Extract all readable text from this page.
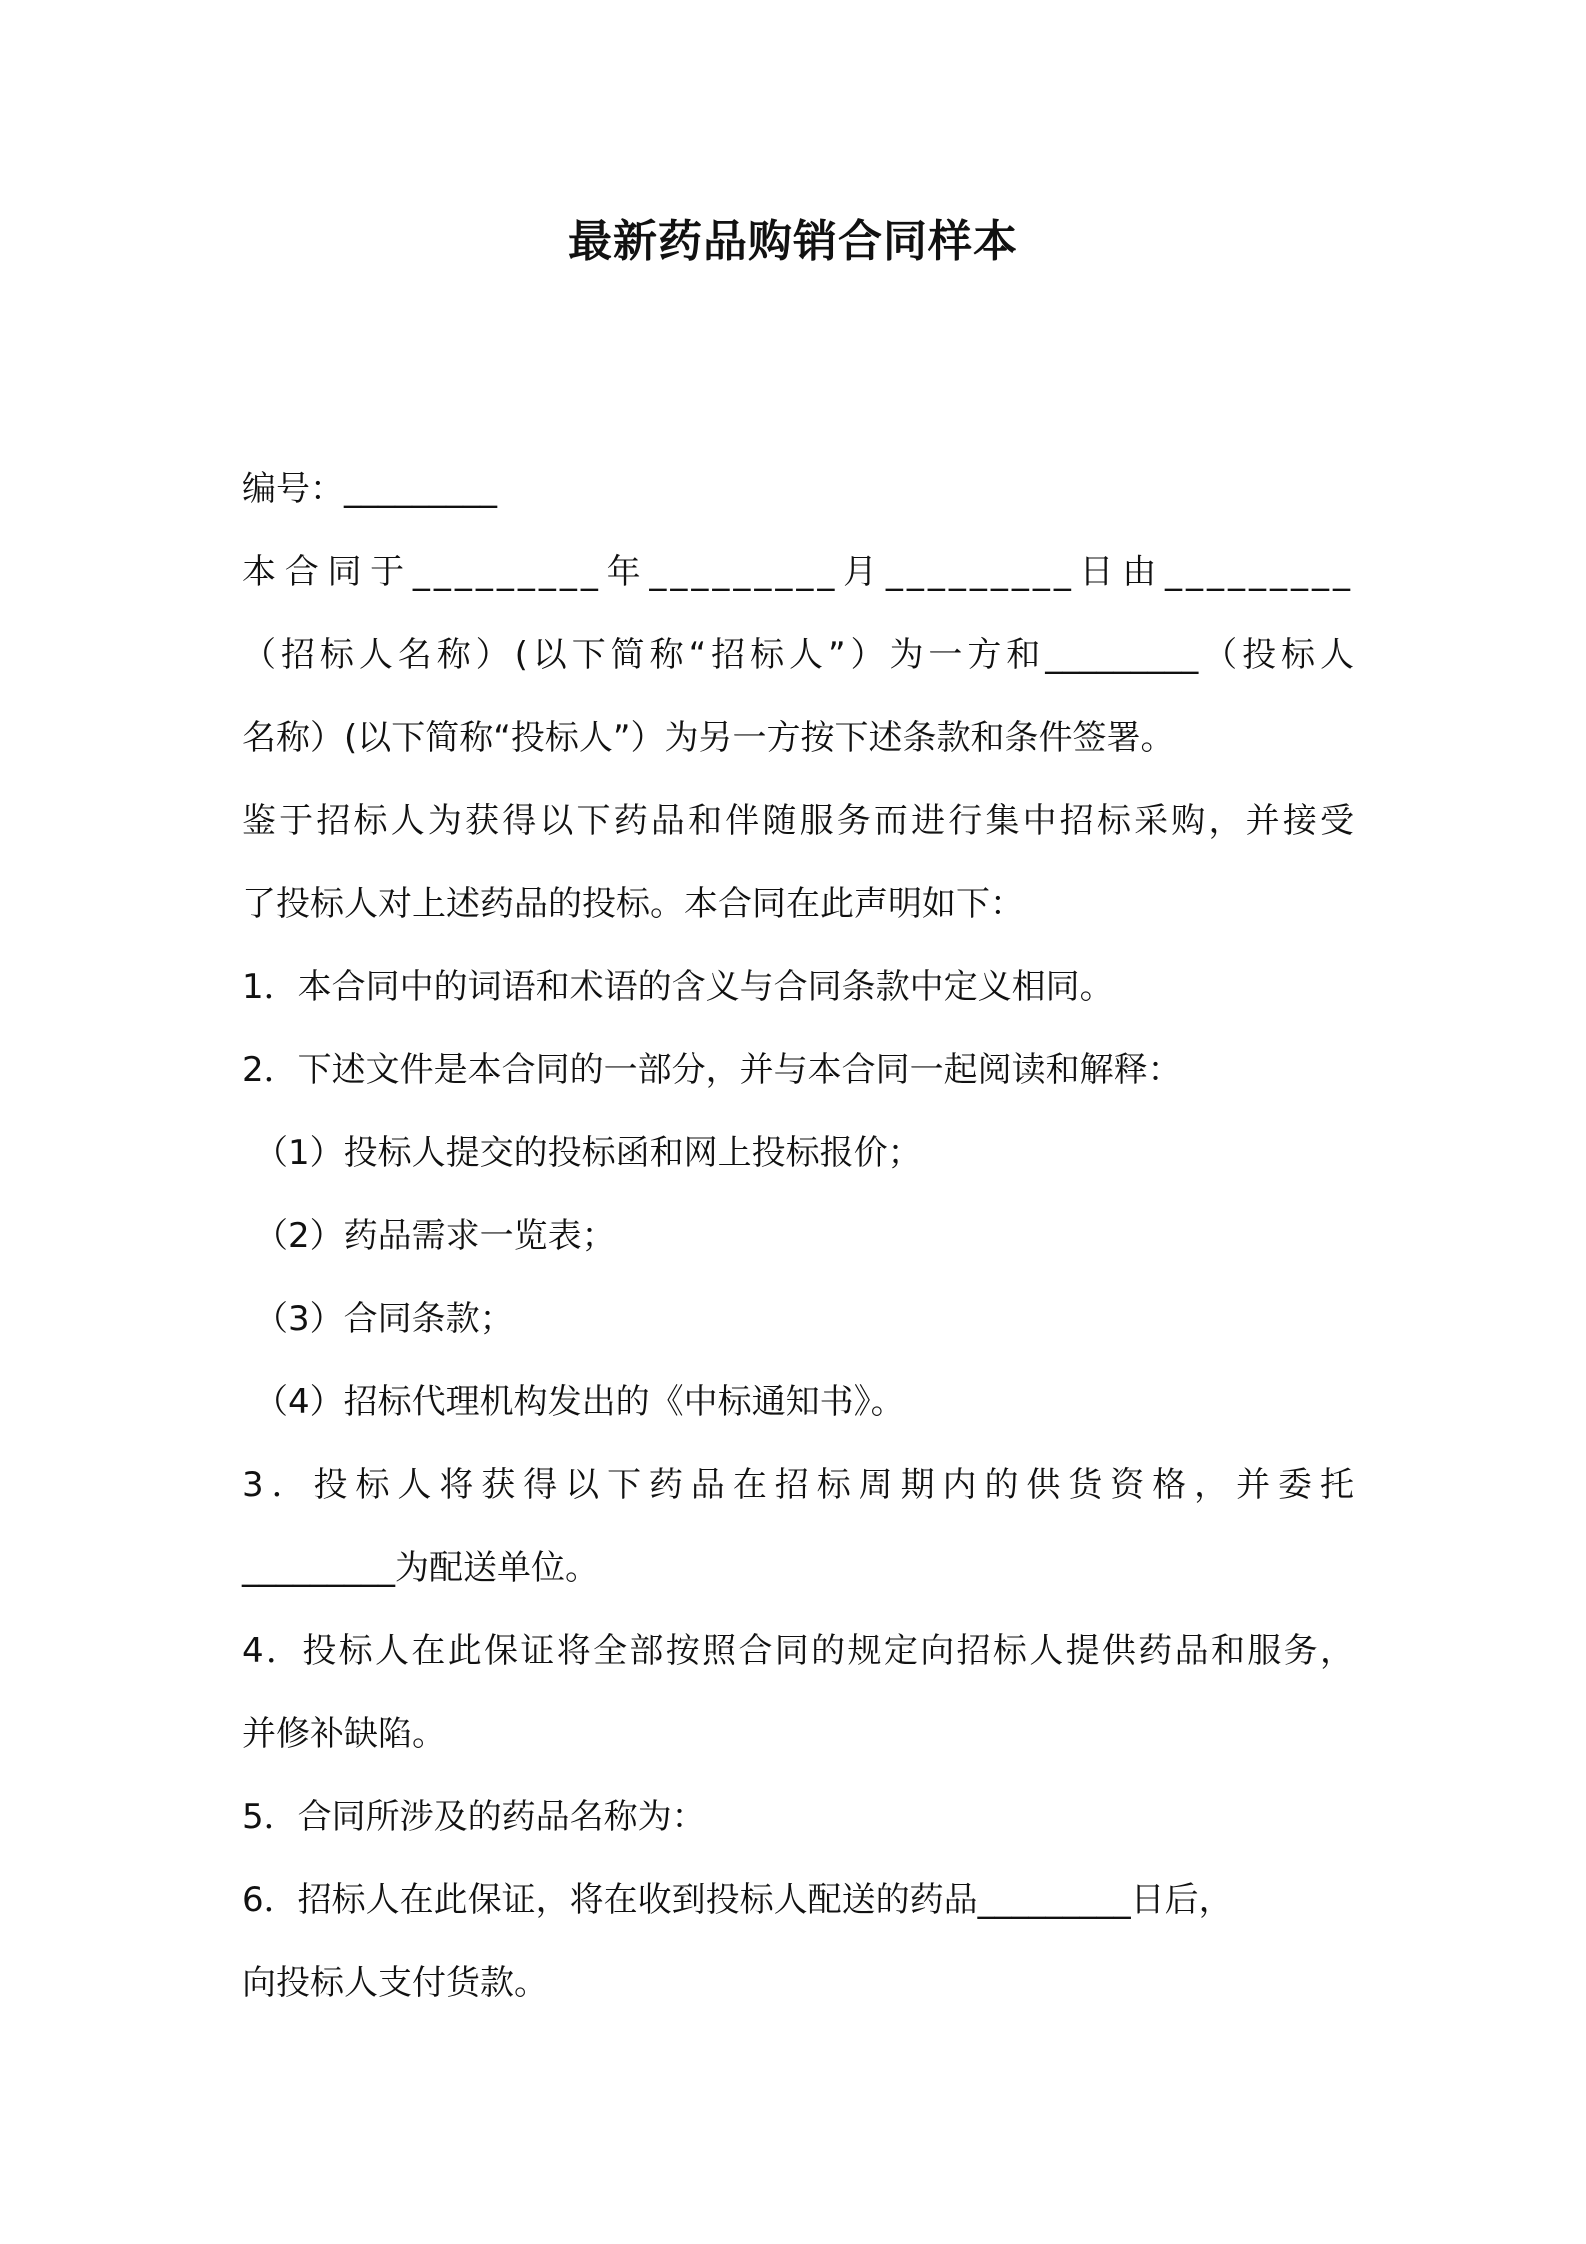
最新药品购销合同样本

编号：_________

本合同于_________年_________月_________日由_________

（招标人名称）(以下简称“招标人”）为一方和_________（投标人

名称）(以下简称“投标人”）为另一方按下述条款和条件签署。

鉴于招标人为获得以下药品和伴随服务而进行集中招标采购，并接受

了投标人对上述药品的投标。本合同在此声明如下：

1．本合同中的词语和术语的含义与合同条款中定义相同。

2．下述文件是本合同的一部分，并与本合同一起阅读和解释：

（1）投标人提交的投标函和网上投标报价；

（2）药品需求一览表；

（3）合同条款；

（4）招标代理机构发出的《中标通知书》。

3．投标人将获得以下药品在招标周期内的供货资格，并委托

_________为配送单位。

4．投标人在此保证将全部按照合同的规定向招标人提供药品和服务，

并修补缺陷。

5．合同所涉及的药品名称为：

6．招标人在此保证，将在收到投标人配送的药品_________日后，

向投标人支付货款。
